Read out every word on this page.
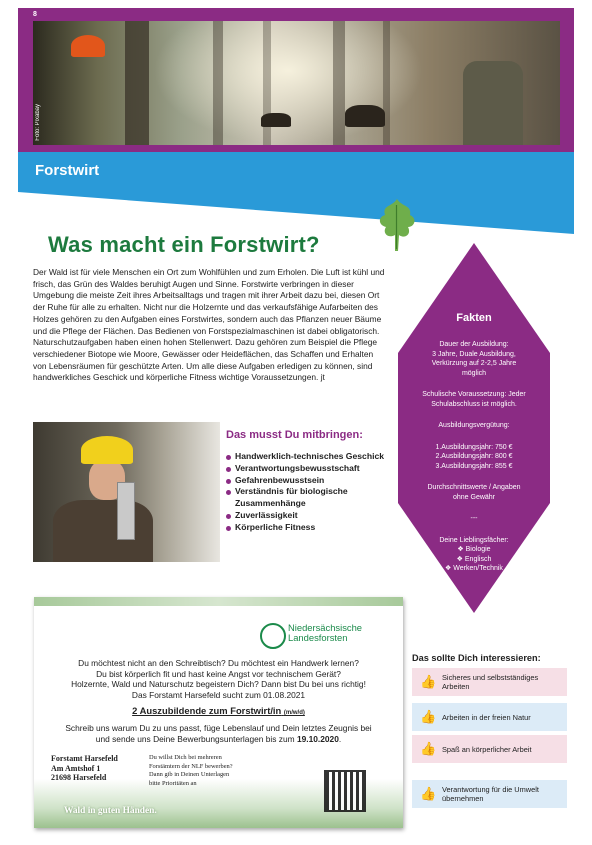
8
Foto: Pixabay
Forstwirt
Was macht ein Forstwirt?
Der Wald ist für viele Menschen ein Ort zum Wohlfühlen und zum Erholen. Die Luft ist kühl und frisch, das Grün des Waldes beruhigt Augen und Sinne. Forstwirte verbringen in dieser Umgebung die meiste Zeit ihres Arbeitsalltags und tragen mit ihrer Arbeit dazu bei, diesen Ort der Ruhe für alle zu erhalten. Nicht nur die Holzernte und das verkaufsfähige Aufarbeiten des Holzes gehören zu den Aufgaben eines Forstwirtes, sondern auch das Pflanzen neuer Bäume und die Pflege der Flächen. Das Bedienen von Forstspezialmaschinen ist dabei obligatorisch. Naturschutzaufgaben haben einen hohen Stellenwert. Dazu gehören zum Beispiel die Pflege verschiedener Biotope wie Moore, Gewässer oder Heideflächen, das Schaffen und Erhalten von Lebensräumen für geschützte Arten. Um alle diese Aufgaben erledigen zu können, sind handwerkliches Geschick und körperliche Fitness wichtige Voraussetzungen. jt
Das musst Du mitbringen:
Handwerklich-technisches Geschick
Verantwortungsbewusstschaft
Gefahrenbewusstsein
Verständnis für biologische Zusammenhänge
Zuverlässigkeit
Körperliche Fitness
Fakten

Dauer der Ausbildung:
3 Jahre, Duale Ausbildung,
Verkürzung auf 2-2,5 Jahre
möglich

Schulische Voraussetzung: Jeder
Schulabschluss ist möglich.

Ausbildungsvergütung:

1.Ausbildungsjahr: 750 €
2.Ausbildungsjahr: 800 €
3.Ausbildungsjahr: 855 €

Durchschnittswerte / Angaben
ohne Gewähr

---

Deine Lieblingsfächer:
❖ Biologie
❖ Englisch
❖ Werken/Technik

Niedersächsische
Landesforsten
Du möchtest nicht an den Schreibtisch? Du möchtest ein Handwerk lernen?
Du bist körperlich fit und hast keine Angst vor technischem Gerät?
Holzernte, Wald und Naturschutz begeistern Dich? Dann bist Du bei uns richtig!
Das Forstamt Harsefeld sucht zum 01.08.2021
2 Auszubildende zum Forstwirt/in (m/w/d)
Schreib uns warum Du zu uns passt, füge Lebenslauf und Dein letztes Zeugnis bei
und sende uns Deine Bewerbungsunterlagen bis zum 19.10.2020.
Forstamt Harsefeld
Am Amtshof 1
21698 Harsefeld
Du willst Dich bei mehreren
Forstämtern der NLF bewerben?
Dann gib in Deinen Unterlagen
bitte Prioritäten an
Wald in guten Händen.
Das sollte Dich interessieren:
👍 Sicheres und selbstständiges Arbeiten
👍 Arbeiten in der freien Natur
👍 Spaß an körperlicher Arbeit
👍 Verantwortung für die Umwelt übernehmen
